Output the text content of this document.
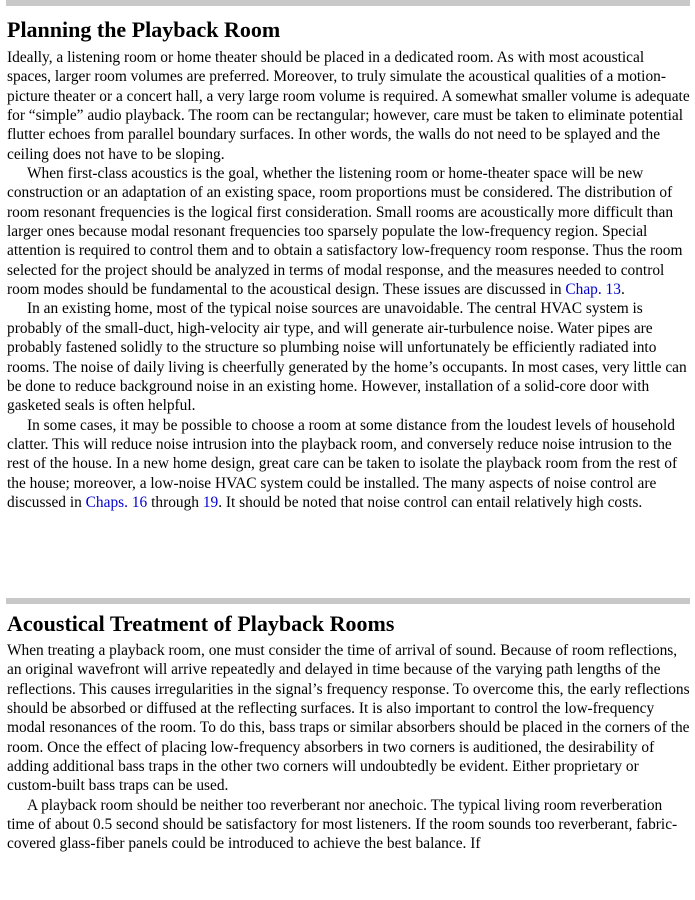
Planning the Playback Room

Ideally, a listening room or home theater should be placed in a dedicated room. As with most acoustical spaces, larger room volumes are preferred. Moreover, to truly simulate the acoustical qualities of a motion-picture theater or a concert hall, a very large room volume is required. A somewhat smaller volume is adequate for “simple” audio playback. The room can be rectangular; however, care must be taken to eliminate potential flutter echoes from parallel boundary surfaces. In other words, the walls do not need to be splayed and the ceiling does not have to be sloping.

When first-class acoustics is the goal, whether the listening room or home-theater space will be new construction or an adaptation of an existing space, room proportions must be considered. The distribution of room resonant frequencies is the logical first consideration. Small rooms are acoustically more difficult than larger ones because modal resonant frequencies too sparsely populate the low-frequency region. Special attention is required to control them and to obtain a satisfactory low-frequency room response. Thus the room selected for the project should be analyzed in terms of modal response, and the measures needed to control room modes should be fundamental to the acoustical design. These issues are discussed in Chap. 13.

In an existing home, most of the typical noise sources are unavoidable. The central HVAC system is probably of the small-duct, high-velocity air type, and will generate air-turbulence noise. Water pipes are probably fastened solidly to the structure so plumbing noise will unfortunately be efficiently radiated into rooms. The noise of daily living is cheerfully generated by the home’s occupants. In most cases, very little can be done to reduce background noise in an existing home. However, installation of a solid-core door with gasketed seals is often helpful.

In some cases, it may be possible to choose a room at some distance from the loudest levels of household clatter. This will reduce noise intrusion into the playback room, and conversely reduce noise intrusion to the rest of the house. In a new home design, great care can be taken to isolate the playback room from the rest of the house; moreover, a low-noise HVAC system could be installed. The many aspects of noise control are discussed in Chaps. 16 through 19. It should be noted that noise control can entail relatively high costs.

Acoustical Treatment of Playback Rooms

When treating a playback room, one must consider the time of arrival of sound. Because of room reflections, an original wavefront will arrive repeatedly and delayed in time because of the varying path lengths of the reflections. This causes irregularities in the signal’s frequency response. To overcome this, the early reflections should be absorbed or diffused at the reflecting surfaces. It is also important to control the low-frequency modal resonances of the room. To do this, bass traps or similar absorbers should be placed in the corners of the room. Once the effect of placing low-frequency absorbers in two corners is auditioned, the desirability of adding additional bass traps in the other two corners will undoubtedly be evident. Either proprietary or custom-built bass traps can be used.

A playback room should be neither too reverberant nor anechoic. The typical living room reverberation time of about 0.5 second should be satisfactory for most listeners. If the room sounds too reverberant, fabric-covered glass-fiber panels could be introduced to achieve the best balance. If
